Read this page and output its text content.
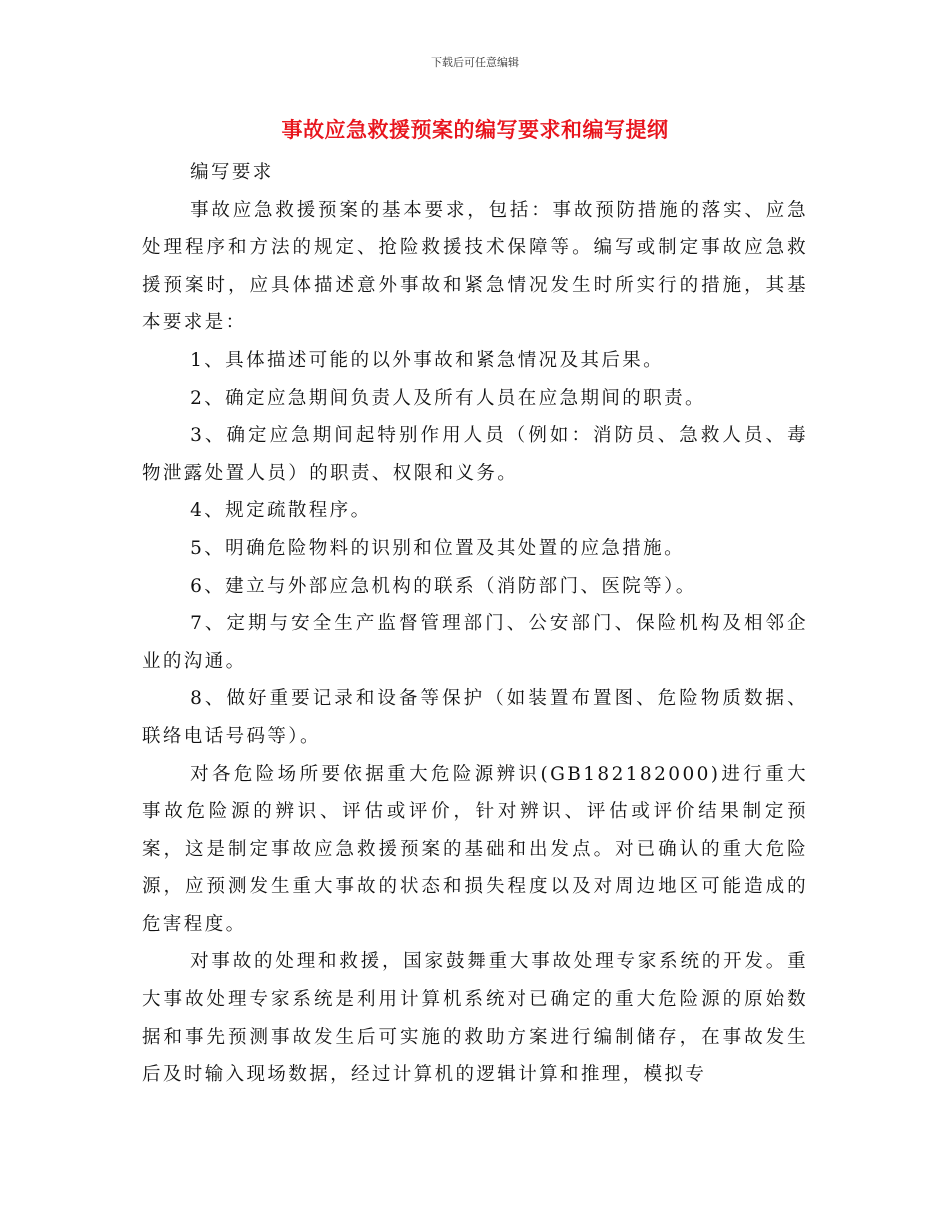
下载后可任意编辑
事故应急救援预案的编写要求和编写提纲

编写要求

事故应急救援预案的基本要求，包括：事故预防措施的落实、应急处理程序和方法的规定、抢险救援技术保障等。编写或制定事故应急救援预案时，应具体描述意外事故和紧急情况发生时所实行的措施，其基本要求是：

1、具体描述可能的以外事故和紧急情况及其后果。

2、确定应急期间负责人及所有人员在应急期间的职责。

3、确定应急期间起特别作用人员（例如：消防员、急救人员、毒物泄露处置人员）的职责、权限和义务。

4、规定疏散程序。

5、明确危险物料的识别和位置及其处置的应急措施。

6、建立与外部应急机构的联系（消防部门、医院等）。

7、定期与安全生产监督管理部门、公安部门、保险机构及相邻企业的沟通。

8、做好重要记录和设备等保护（如装置布置图、危险物质数据、联络电话号码等）。

对各危险场所要依据重大危险源辨识(GB182182000)进行重大事故危险源的辨识、评估或评价，针对辨识、评估或评价结果制定预案，这是制定事故应急救援预案的基础和出发点。对已确认的重大危险源，应预测发生重大事故的状态和损失程度以及对周边地区可能造成的危害程度。

对事故的处理和救援，国家鼓舞重大事故处理专家系统的开发。重大事故处理专家系统是利用计算机系统对已确定的重大危险源的原始数据和事先预测事故发生后可实施的救助方案进行编制储存，在事故发生后及时输入现场数据，经过计算机的逻辑计算和推理，模拟专
